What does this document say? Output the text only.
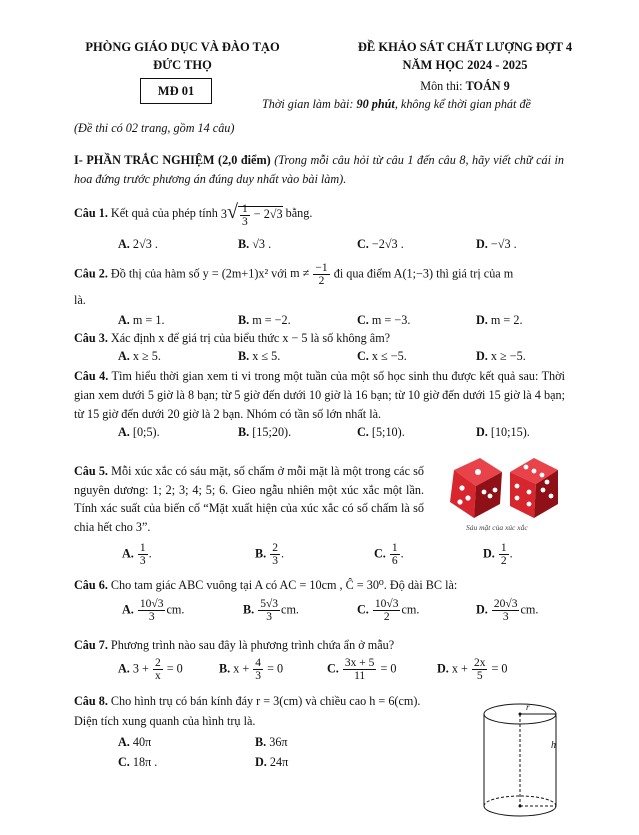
PHÒNG GIÁO DỤC VÀ ĐÀO TẠO
ĐỨC THỌ
MĐ 01
ĐỀ KHẢO SÁT CHẤT LƯỢNG ĐỢT 4
NĂM HỌC 2024 - 2025
Môn thi: TOÁN 9
Thời gian làm bài: 90 phút, không kể thời gian phát đề
(Đề thi có 02 trang, gồm 14 câu)
I- PHẦN TRẮC NGHIỆM (2,0 điểm) (Trong mỗi câu hỏi từ câu 1 đến câu 8, hãy viết chữ cái in hoa đứng trước phương án đúng duy nhất vào bài làm).
Câu 1. Kết quả của phép tính $3√ \frac{1}{3} - 2√3$ bằng.
A. 2√3 .	B. √3 .	C. −2√3 .	D. −√3 .
Câu 2. Đồ thị của hàm số y = (2m+1)x² với $m \ne \frac{-1}{2}$ đi qua điểm A(1;−3) thì giá trị của m
là.
A. m = 1.	B. m = −2.	C. m = −3.	D. m = 2.
Câu 3. Xác định x để giá trị của biểu thức x − 5 là số không âm?
A. x ≥ 5.	B. x ≤ 5.	C. x ≤ −5.	D. x ≥ −5.
Câu 4. Tìm hiểu thời gian xem ti vi trong một tuần của một số học sinh thu được kết quả sau: Thời gian xem dưới 5 giờ là 8 bạn; từ 5 giờ đến dưới 10 giờ là 16 bạn; từ 10 giờ đến dưới 15 giờ là 4 bạn; từ 15 giờ đến dưới 20 giờ là 2 bạn. Nhóm có tần số lớn nhất là.
A. [0;5).	B. [15;20).	C. [5;10).	D. [10;15).
Câu 5. Mỗi xúc xắc có sáu mặt, số chấm ở mỗi mặt là một trong các số nguyên dương: 1; 2; 3; 4; 5; 6. Gieo ngẫu nhiên một xúc xắc một lần. Tính xác suất của biến cố “Mặt xuất hiện của xúc xắc có số chấm là số chia hết cho 3”.	Sáu mặt của xúc xắc
A. $\frac{1}{3}$ .	B. $\frac{2}{3}$ .	C. $\frac{1}{6}$ .	D. $\frac{1}{2}$ .
Câu 6. Cho tam giác ABC vuông tại A có AC = 10cm , Ĉ = 30⁰. Độ dài BC là:
A. $\frac{10√3}{3}$ cm.	B. $\frac{5√3}{3}$ cm.	C. $\frac{10√3}{2}$ cm.	D. $\frac{20√3}{3}$ cm.
Câu 7. Phương trình nào sau đây là phương trình chứa ẩn ở mẫu?
A. $3 + \frac{2}{x} = 0$	B. $x + \frac{4}{3} = 0$	C. $\frac{3x + 5}{11} = 0$	D. $x + \frac{2x}{5} = 0$
Câu 8. Cho hình trụ có bán kính đáy r = 3(cm) và chiều cao h = 6(cm).
Diện tích xung quanh của hình trụ là.
A. 40π	B. 36π
C. 18π .	D. 24π
r
h
